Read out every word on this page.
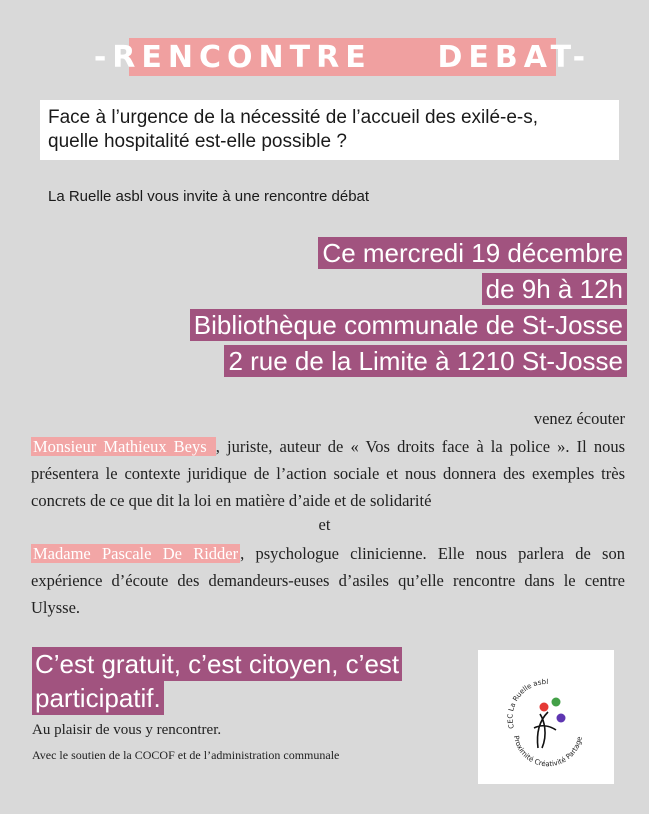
-RENCONTRE    DEBAT-
Face à l’urgence de la nécessité de l’accueil des exilé-e-s,
quelle hospitalité est-elle possible ?
La Ruelle asbl vous invite à une rencontre débat
Ce mercredi 19 décembre
de 9h à 12h
Bibliothèque communale de St-Josse
2 rue de la Limite à 1210 St-Josse
venez écouter
Monsieur Mathieux Beys , juriste, auteur de « Vos droits face à la police ». Il nous présentera le contexte juridique de l’action sociale et nous donnera des exemples très concrets de ce que dit la loi en matière d’aide et de solidarité
et
Madame Pascale De Ridder , psychologue clinicienne. Elle nous parlera de son expérience d’écoute des demandeurs-euses d’asiles qu’elle rencontre dans le centre Ulysse.
C’est gratuit, c’est citoyen, c’est
participatif.
Au plaisir de vous y rencontrer.
Avec le soutien de la COCOF et de l’administration communale
CEC La Ruelle asbl
Proximité Créativité Partage
